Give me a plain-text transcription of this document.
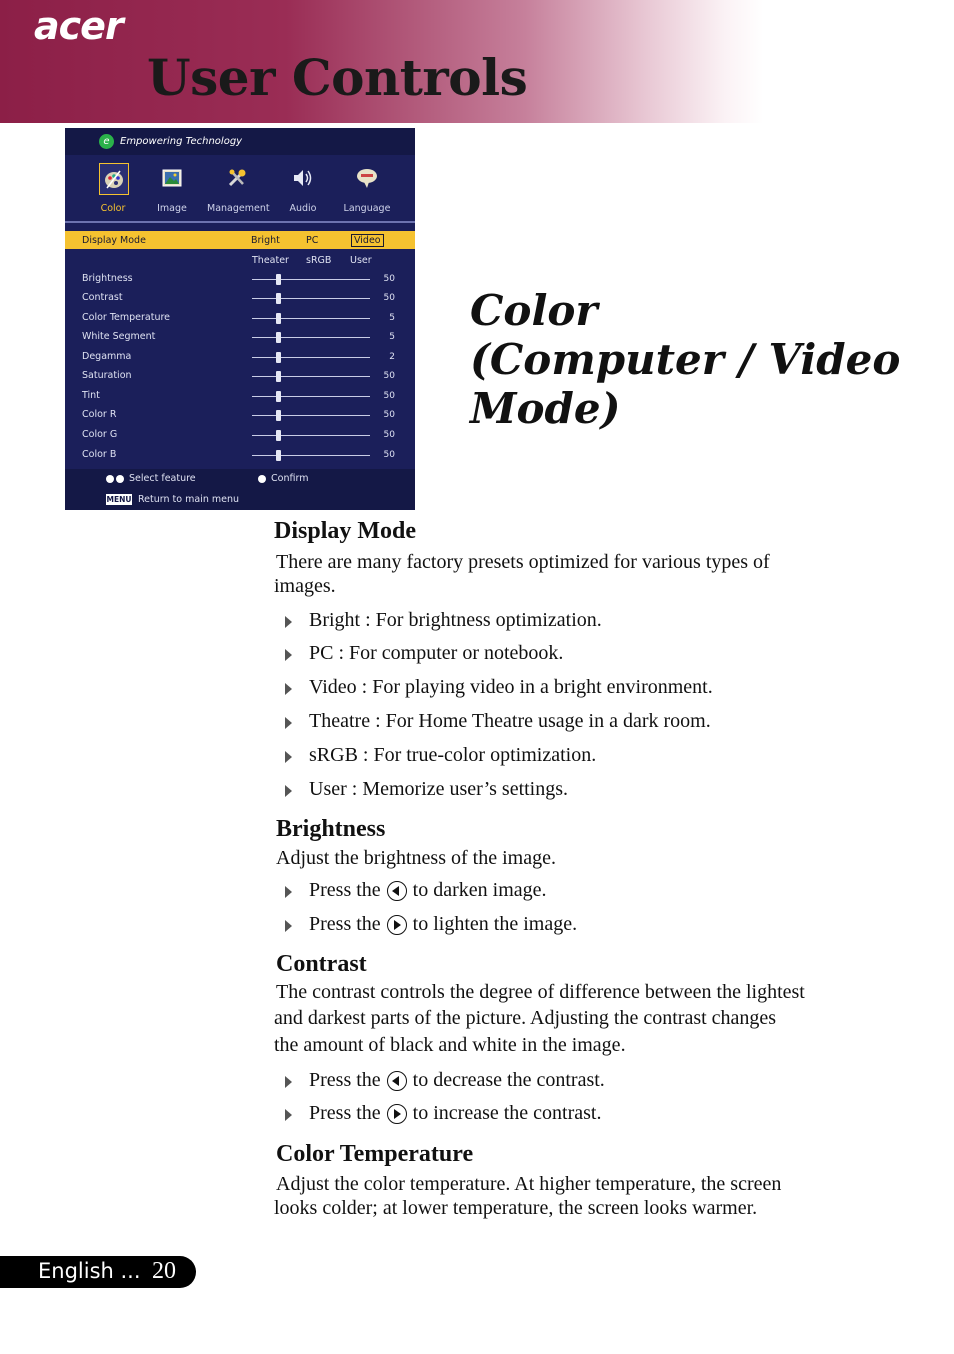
acer
User Controls
e	Empowering Technology
Color	Image	Management	Audio	Language
Display Mode	Bright	PC	Video
Theater sRGB User
Brightness	50
Contrast	50
Color Temperature	5
White Segment	5
Degamma	2
Saturation	50
Tint	50
Color R	50
Color G	50
Color B	50
Select feature	Confirm
MENU Return to main menu
Color
(Computer / Video
Mode)
Display Mode
There are many factory presets optimized for various types of
images.
Bright : For brightness optimization.
PC : For computer or notebook.
Video : For playing video in a bright environment.
Theatre : For Home Theatre usage in a dark room.
sRGB : For true-color optimization.
User : Memorize user’s settings.
Brightness
Adjust the brightness of the image.
Press the to darken image.
Press the to lighten the image.
Contrast
The contrast controls the degree of difference between the lightest
and darkest parts of the picture. Adjusting the contrast changes
the amount of black and white in the image.
Press the to decrease the contrast.
Press the to increase the contrast.
Color Temperature
Adjust the color temperature. At higher temperature, the screen
looks colder; at lower temperature, the screen looks warmer.
English ... 20
